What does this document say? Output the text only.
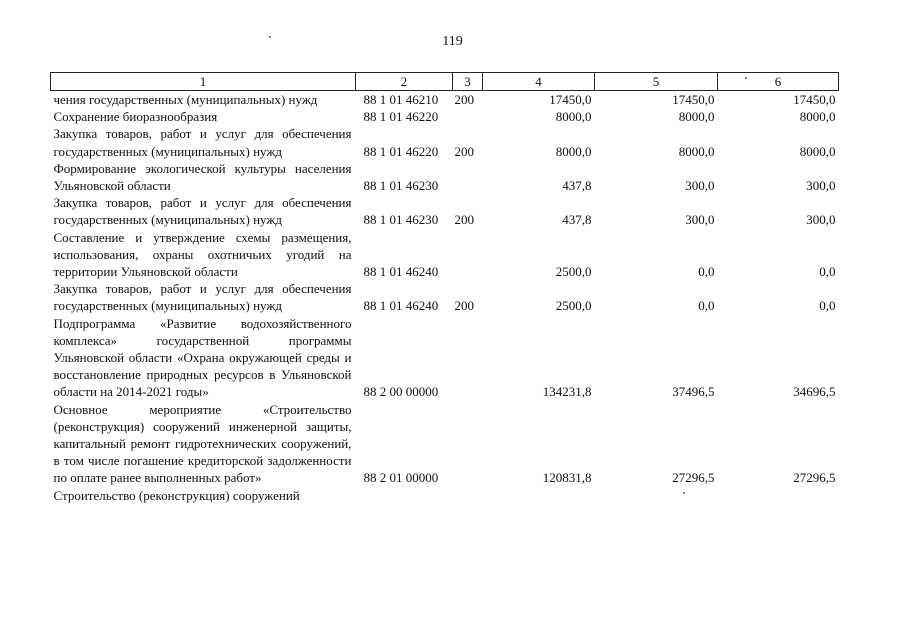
119
1	2	3	4	5	6
чения государственных (муниципальных) нужд	88 1 01 46210	200	17450,0	17450,0	17450,0
Сохранение биоразнообразия	88 1 01 46220		8000,0	8000,0	8000,0
Закупка товаров, работ и услуг для обеспечения государственных (муниципальных) нужд	88 1 01 46220	200	8000,0	8000,0	8000,0
Формирование экологической культуры населения Ульяновской области	88 1 01 46230		437,8	300,0	300,0
Закупка товаров, работ и услуг для обеспечения государственных (муниципальных) нужд	88 1 01 46230	200	437,8	300,0	300,0
Составление и утверждение схемы размещения, использования, охраны охотничьих угодий на территории Ульяновской области	88 1 01 46240		2500,0	0,0	0,0
Закупка товаров, работ и услуг для обеспечения государственных (муниципальных) нужд	88 1 01 46240	200	2500,0	0,0	0,0
Подпрограмма «Развитие водохозяйственного комплекса» государственной программы Ульяновской области «Охрана окружающей среды и восстановление природных ресурсов в Ульяновской области на 2014-2021 годы»	88 2 00 00000		134231,8	37496,5	34696,5
Основное мероприятие «Строительство (реконструкция) сооружений инженерной защиты, капитальный ремонт гидротехнических сооружений, в том числе погашение кредиторской задолженности по оплате ранее выполненных работ»	88 2 01 00000		120831,8	27296,5	27296,5
Строительство (реконструкция) сооружений					
